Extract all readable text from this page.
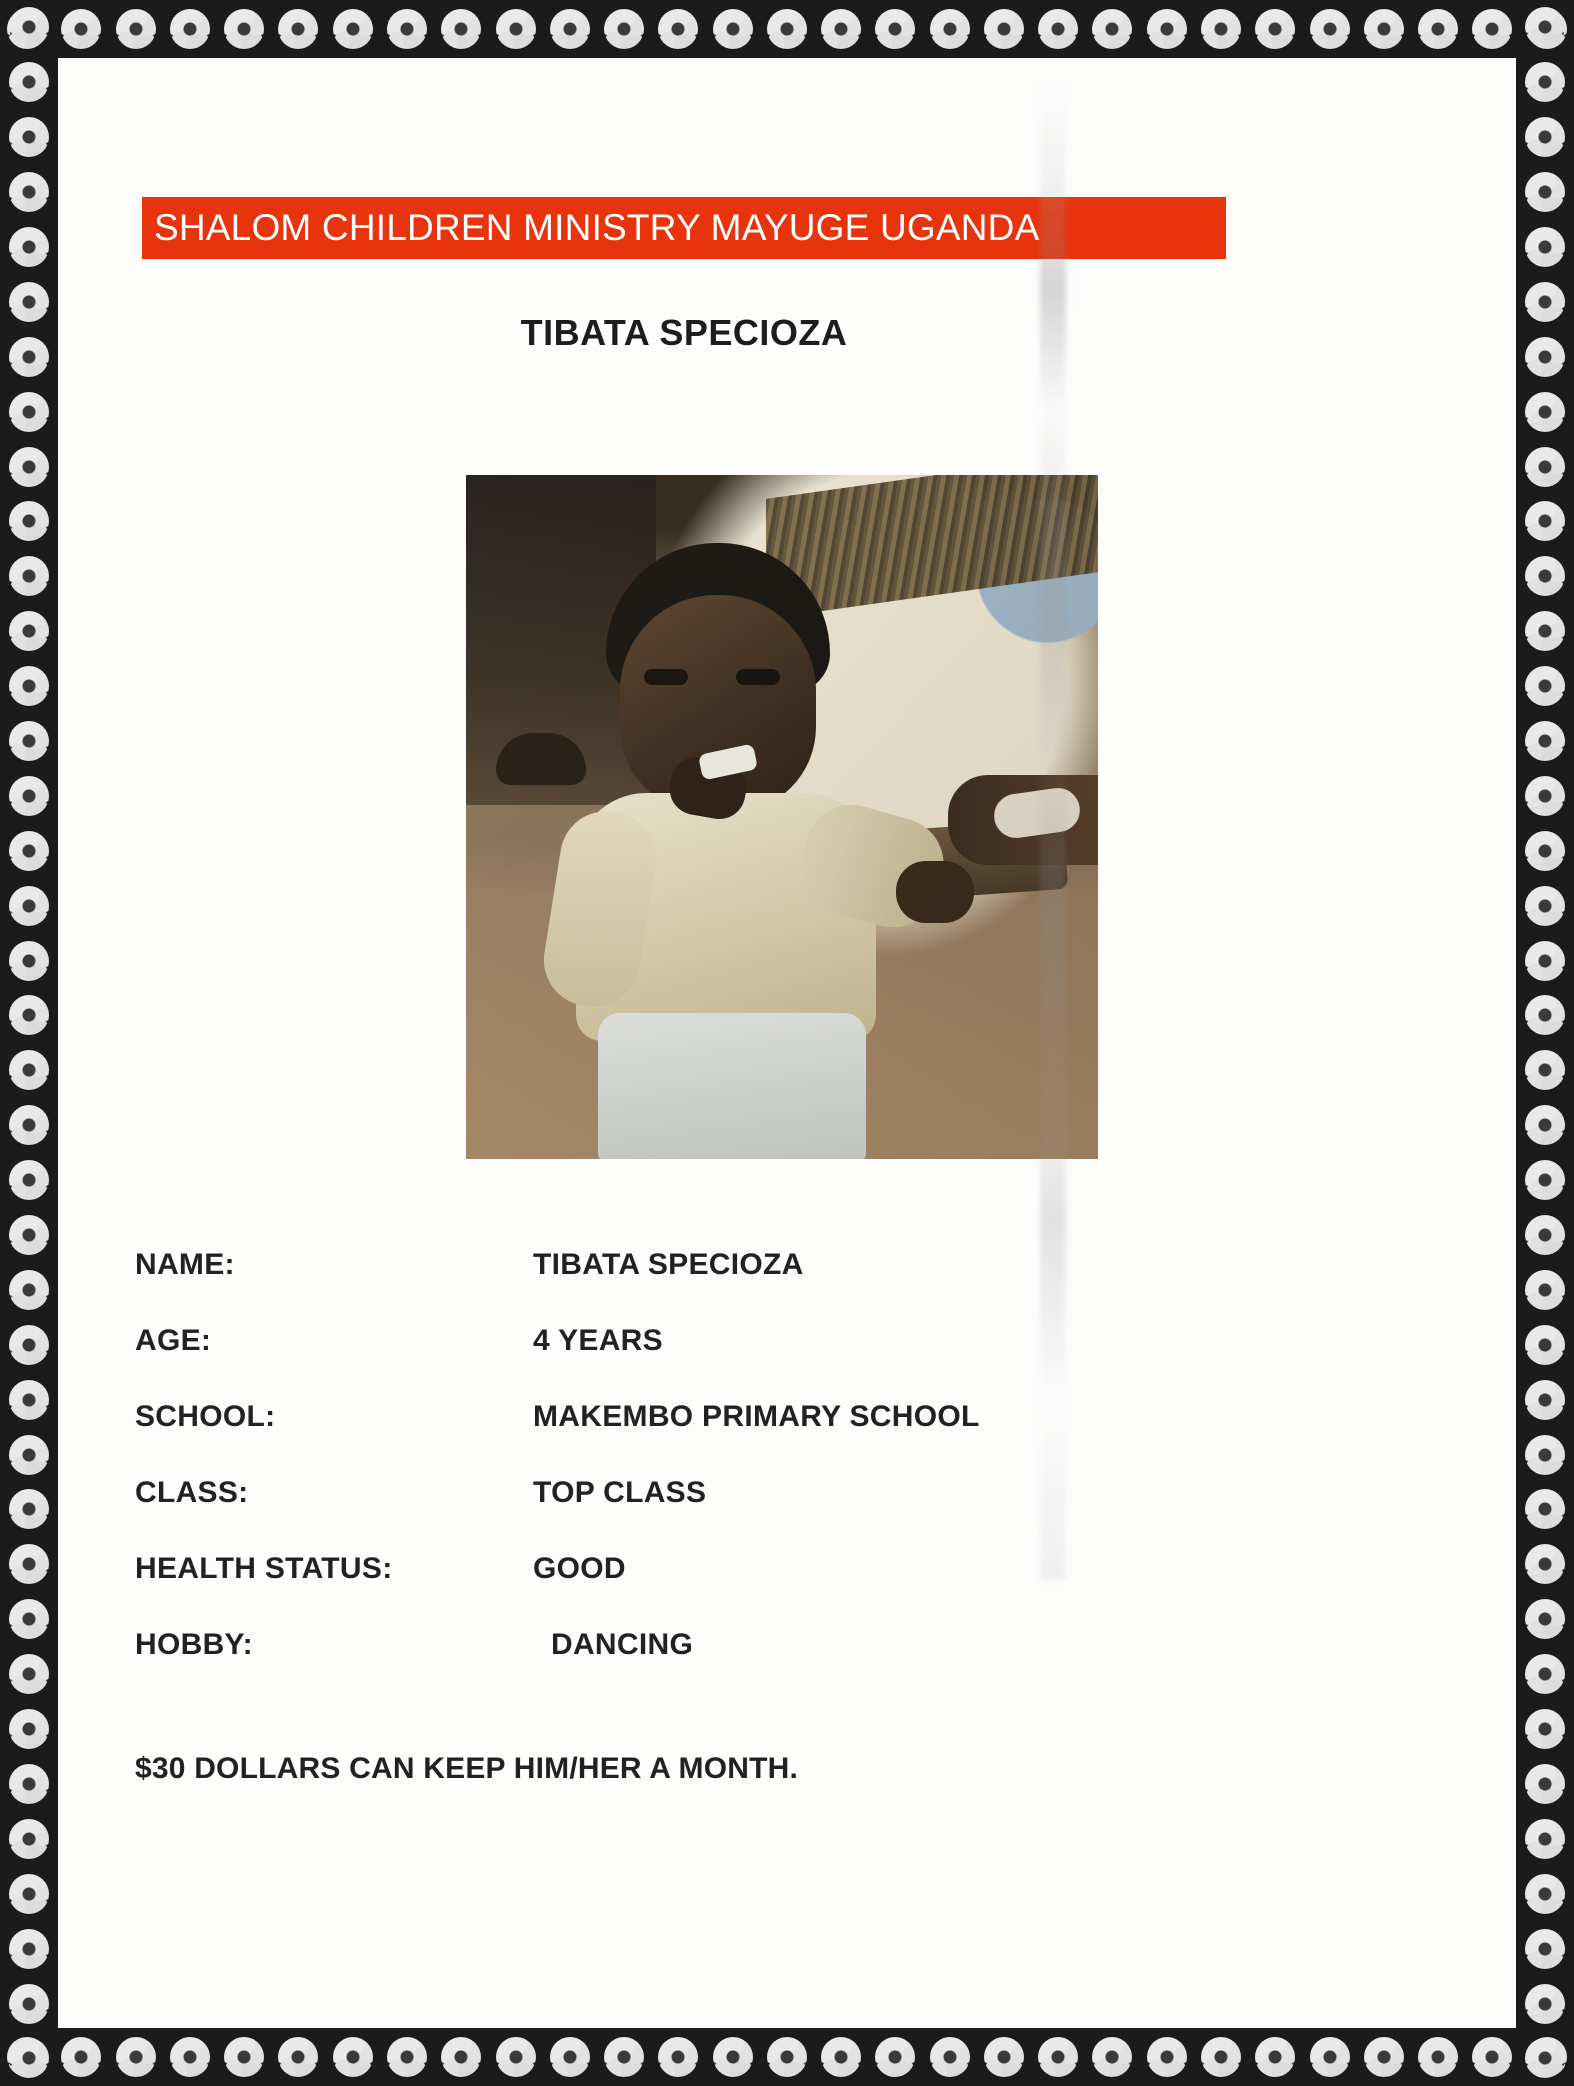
SHALOM CHILDREN MINISTRY MAYUGE UGANDA
TIBATA SPECIOZA
NAME:	TIBATA SPECIOZA
AGE:	4 YEARS
SCHOOL:	MAKEMBO PRIMARY SCHOOL
CLASS:	TOP CLASS
HEALTH STATUS:	GOOD
HOBBY:	DANCING
$30 DOLLARS CAN KEEP HIM/HER A MONTH.
